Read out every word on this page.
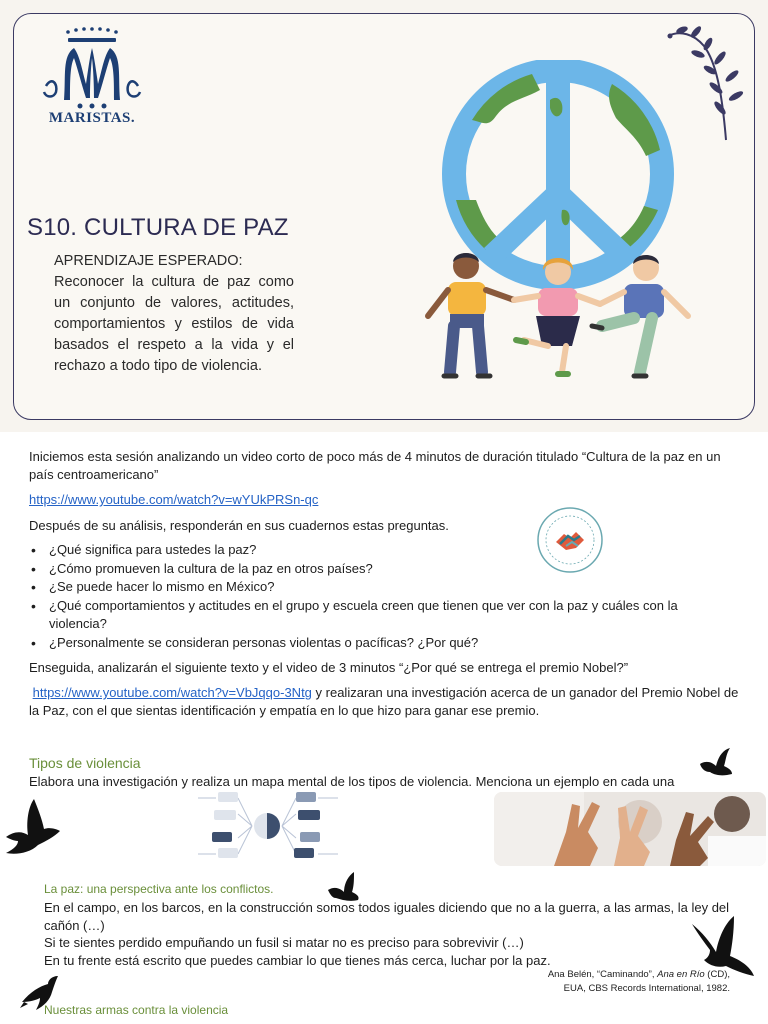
MARISTAS.
S10. CULTURA DE PAZ
APRENDIZAJE ESPERADO:
Reconocer la cultura de paz como un conjunto de valores, actitudes, comportamientos y estilos de vida basados el respeto a la vida y el rechazo a todo tipo de violencia.
Iniciemos esta sesión analizando un video corto de poco más de 4 minutos de duración titulado “Cultura de la paz en un país centroamericano”
https://www.youtube.com/watch?v=wYUkPRSn-qc
Después de su análisis, responderán en sus cuadernos estas preguntas.
• ¿Qué significa para ustedes la paz?
• ¿Cómo promueven la cultura de la paz en otros países?
• ¿Se puede hacer lo mismo en México?
• ¿Qué comportamientos y actitudes en el grupo y escuela creen que tienen que ver con la paz y cuáles con la violencia?
• ¿Personalmente se consideran personas violentas o pacíficas? ¿Por qué?
Enseguida, analizarán el siguiente texto y el video de 3 minutos “¿Por qué se entrega el premio Nobel?”
https://www.youtube.com/watch?v=VbJqqo-3Ntg y realizaran una investigación acerca de un ganador del Premio Nobel de la Paz, con el que sientas identificación y empatía en lo que hizo para ganar ese premio.
Tipos de violencia
Elabora una investigación y realiza un mapa mental de los tipos de violencia. Menciona un ejemplo en cada una
La paz: una perspectiva ante los conflictos.
En el campo, en los barcos, en la construcción somos todos iguales diciendo que no a la guerra, a las armas, la ley del cañón (…)
Si te sientes perdido empuñando un fusil si matar no es preciso para sobrevivir (…)
En tu frente está escrito que puedes cambiar lo que tienes más cerca, luchar por la paz.
Ana Belén, “Caminando”, Ana en Río (CD),
EUA, CBS Records International, 1982.
Nuestras armas contra la violencia
